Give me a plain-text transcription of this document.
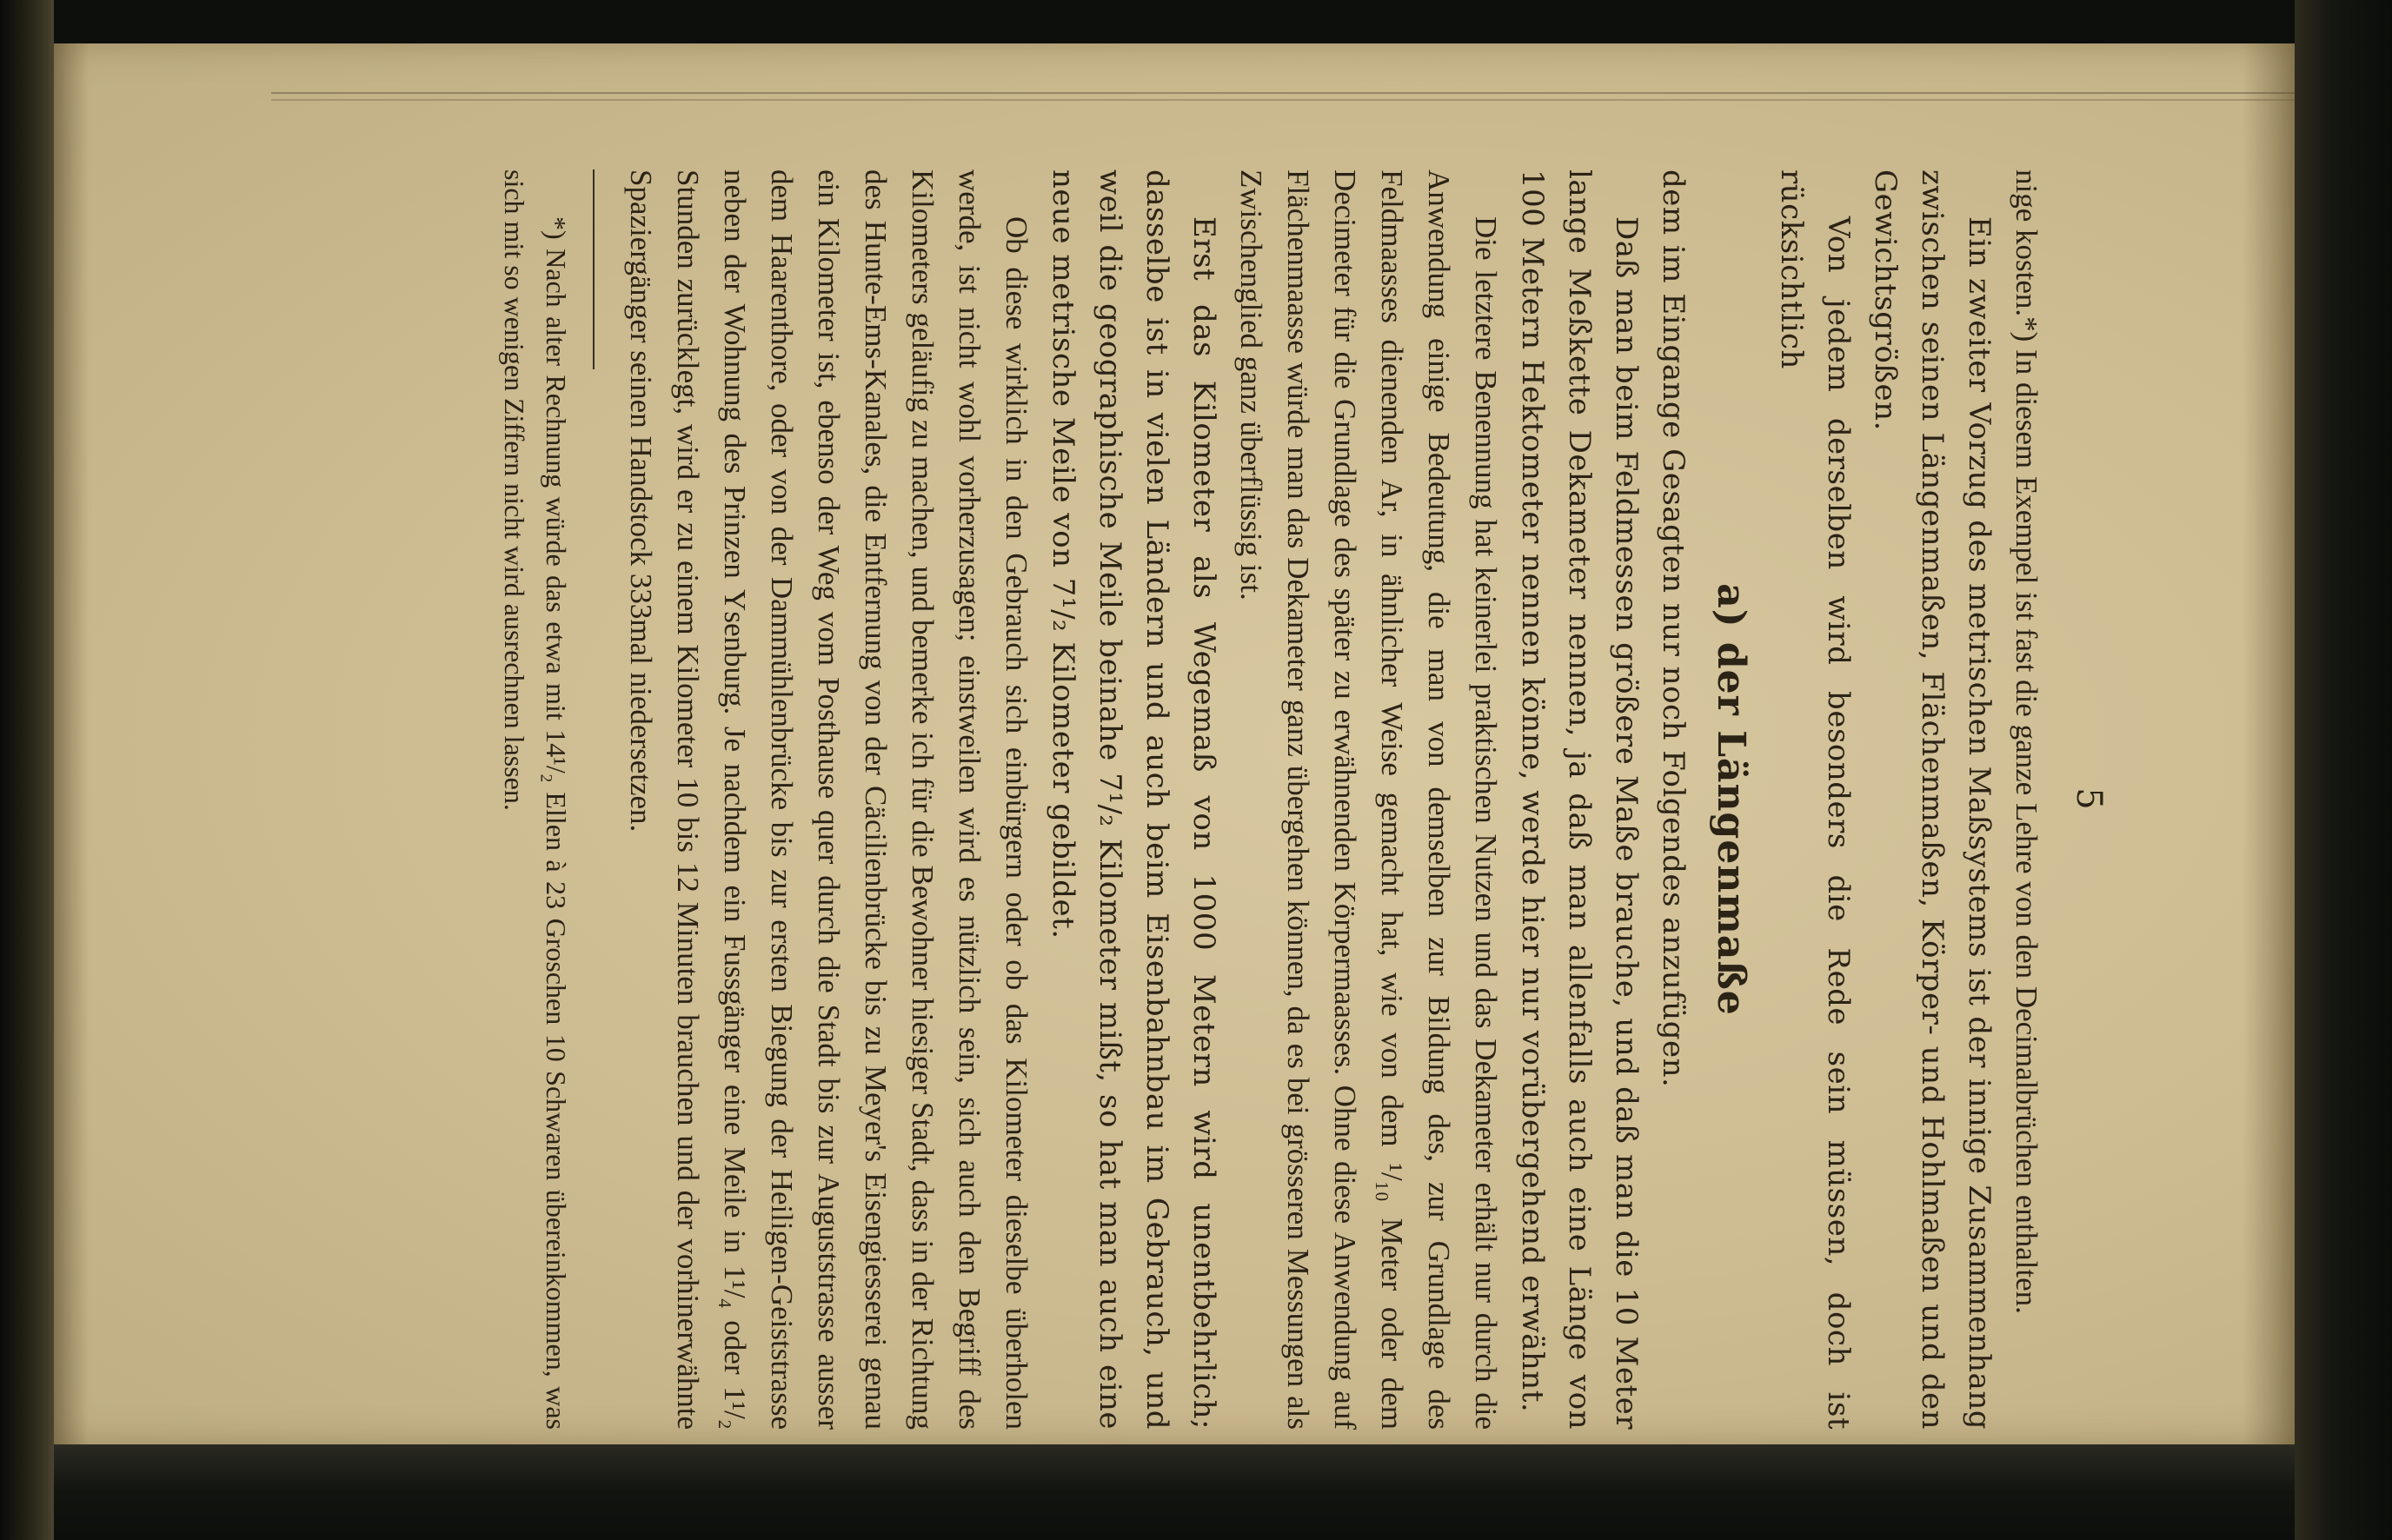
5

nige kosten.*) In diesem Exempel ist fast die ganze Lehre von den Decimalbrüchen enthalten.

Ein zweiter Vorzug des metrischen Maßsystems ist der innige Zusammenhang zwischen seinen Längenmaßen, Flächenmaßen, Körper- und Hohlmaßen und den Gewichtsgrößen.

Von jedem derselben wird besonders die Rede sein müssen, doch ist rücksichtlich

a) der Längenmaße

dem im Eingange Gesagten nur noch Folgendes anzufügen.

Daß man beim Feldmessen größere Maße brauche, und daß man die 10 Meter lange Meßkette Dekameter nennen, ja daß man allenfalls auch eine Länge von 100 Metern Hektometer nennen könne, werde hier nur vorübergehend erwähnt.

Die letztere Benennung hat keinerlei praktischen Nutzen und das Dekameter erhält nur durch die Anwendung einige Bedeutung, die man von demselben zur Bildung des, zur Grundlage des Feldmaasses dienenden Ar, in ähnlicher Weise gemacht hat, wie von dem ¹/₁₀ Meter oder dem Decimeter für die Grundlage des später zu erwähnenden Körpermaasses. Ohne diese Anwendung auf Flächenmaasse würde man das Dekameter ganz übergehen können, da es bei grösseren Messungen als Zwischenglied ganz überflüssig ist.

Erst das Kilometer als Wegemaß von 1000 Metern wird unentbehrlich; dasselbe ist in vielen Ländern und auch beim Eisenbahnbau im Gebrauch, und weil die geographische Meile beinahe 7¹/₂ Kilometer mißt, so hat man auch eine neue metrische Meile von 7¹/₂ Kilometer gebildet.

Ob diese wirklich in den Gebrauch sich einbürgern oder ob das Kilometer dieselbe überholen werde, ist nicht wohl vorherzusagen; einstweilen wird es nützlich sein, sich auch den Begriff des Kilometers geläufig zu machen, und bemerke ich für die Bewohner hiesiger Stadt, dass in der Richtung des Hunte-Ems-Kanales, die Entfernung von der Cäcilienbrücke bis zu Meyer's Eisengiesserei genau ein Kilometer ist, ebenso der Weg vom Posthause quer durch die Stadt bis zur Auguststrasse ausser dem Haarenthore, oder von der Dammühlenbrücke bis zur ersten Biegung der Heiligen-Geiststrasse neben der Wohnung des Prinzen Ysenburg. Je nachdem ein Fussgänger eine Meile in 1¹/₄ oder 1¹/₂ Stunden zurücklegt, wird er zu einem Kilometer 10 bis 12 Minuten brauchen und der vorhinerwähnte Spaziergänger seinen Handstock 333mal niedersetzen.

*) Nach alter Rechnung würde das etwa mit 14¹/₂ Ellen à 23 Groschen 10 Schwaren übereinkommen, was sich mit so wenigen Ziffern nicht wird ausrechnen lassen.
